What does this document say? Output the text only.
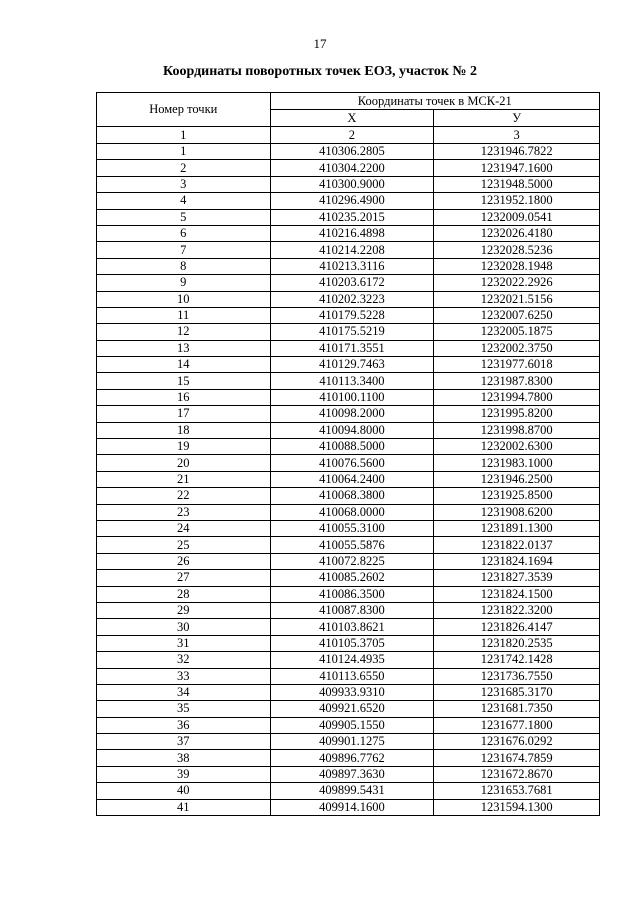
17
Координаты поворотных точек ЕОЗ, участок № 2
Номер точки	Координаты точек в МСК-21	
	Х	У
1	2	3
1	410306.2805	1231946.7822
2	410304.2200	1231947.1600
3	410300.9000	1231948.5000
4	410296.4900	1231952.1800
5	410235.2015	1232009.0541
6	410216.4898	1232026.4180
7	410214.2208	1232028.5236
8	410213.3116	1232028.1948
9	410203.6172	1232022.2926
10	410202.3223	1232021.5156
11	410179.5228	1232007.6250
12	410175.5219	1232005.1875
13	410171.3551	1232002.3750
14	410129.7463	1231977.6018
15	410113.3400	1231987.8300
16	410100.1100	1231994.7800
17	410098.2000	1231995.8200
18	410094.8000	1231998.8700
19	410088.5000	1232002.6300
20	410076.5600	1231983.1000
21	410064.2400	1231946.2500
22	410068.3800	1231925.8500
23	410068.0000	1231908.6200
24	410055.3100	1231891.1300
25	410055.5876	1231822.0137
26	410072.8225	1231824.1694
27	410085.2602	1231827.3539
28	410086.3500	1231824.1500
29	410087.8300	1231822.3200
30	410103.8621	1231826.4147
31	410105.3705	1231820.2535
32	410124.4935	1231742.1428
33	410113.6550	1231736.7550
34	409933.9310	1231685.3170
35	409921.6520	1231681.7350
36	409905.1550	1231677.1800
37	409901.1275	1231676.0292
38	409896.7762	1231674.7859
39	409897.3630	1231672.8670
40	409899.5431	1231653.7681
41	409914.1600	1231594.1300
